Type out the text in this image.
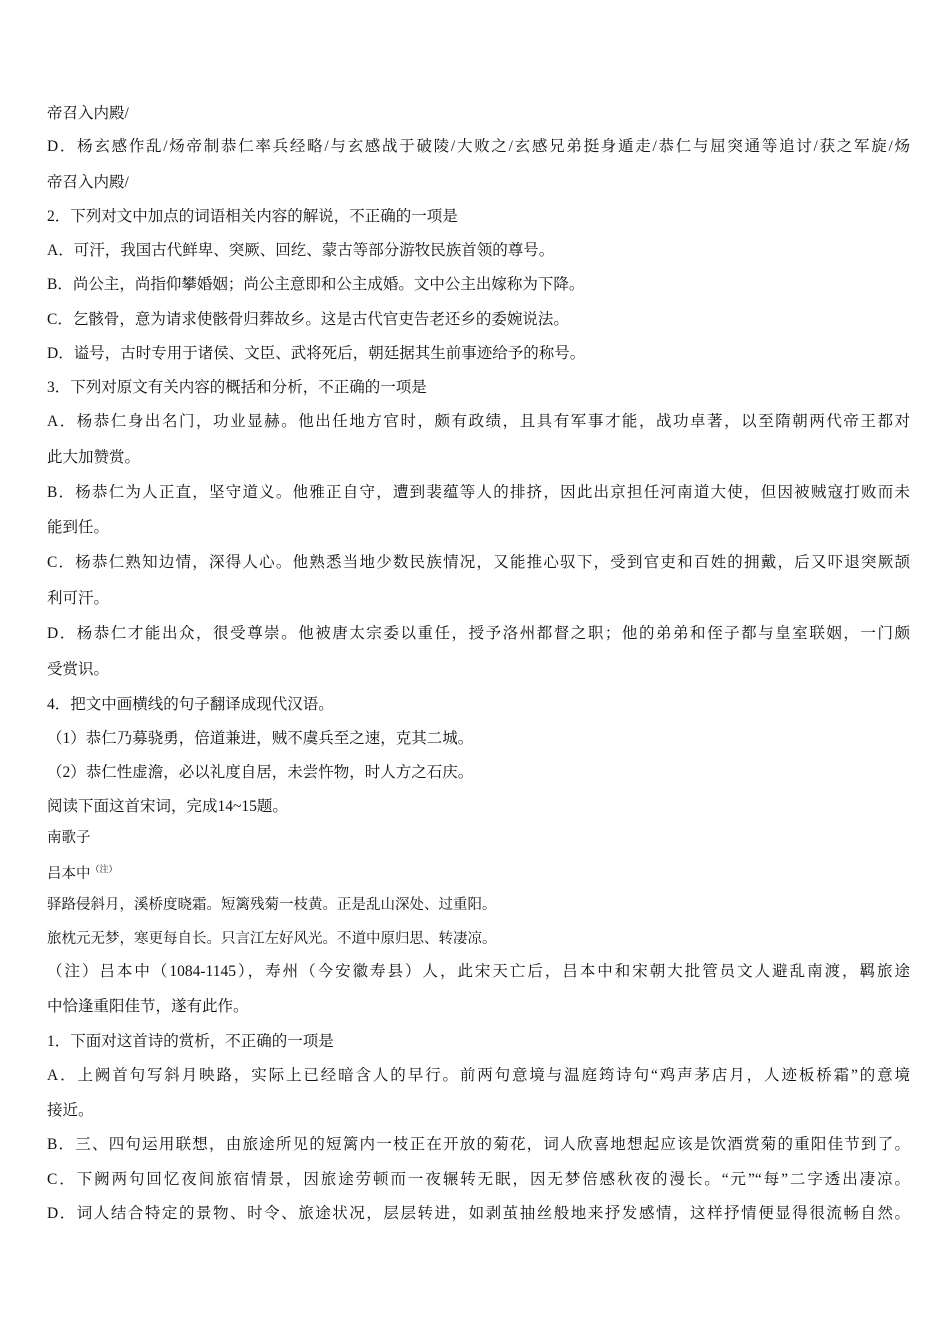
帝召入内殿/
D．杨玄感作乱/炀帝制恭仁率兵经略/与玄感战于破陵/大败之/玄感兄弟挺身遁走/恭仁与屈突通等追讨/获之军旋/炀
帝召入内殿/
2．下列对文中加点的词语相关内容的解说，不正确的一项是
A．可汗，我国古代鲜卑、突厥、回纥、蒙古等部分游牧民族首领的尊号。
B．尚公主，尚指仰攀婚姻；尚公主意即和公主成婚。文中公主出嫁称为下降。
C．乞骸骨，意为请求使骸骨归葬故乡。这是古代官吏告老还乡的委婉说法。
D．谥号，古时专用于诸侯、文臣、武将死后，朝廷据其生前事迹给予的称号。
3．下列对原文有关内容的概括和分析，不正确的一项是
A．杨恭仁身出名门，功业显赫。他出任地方官时，颇有政绩，且具有军事才能，战功卓著，以至隋朝两代帝王都对
此大加赞赏。
B．杨恭仁为人正直，坚守道义。他雅正自守，遭到裴蕴等人的排挤，因此出京担任河南道大使，但因被贼寇打败而未
能到任。
C．杨恭仁熟知边情，深得人心。他熟悉当地少数民族情况，又能推心驭下，受到官吏和百姓的拥戴，后又吓退突厥颉
利可汗。
D．杨恭仁才能出众，很受尊崇。他被唐太宗委以重任，授予洛州都督之职；他的弟弟和侄子都与皇室联姻，一门颇
受赏识。
4．把文中画横线的句子翻译成现代汉语。
（1）恭仁乃募骁勇，倍道兼进，贼不虞兵至之速，克其二城。
（2）恭仁性虚澹，必以礼度自居，未尝忤物，时人方之石庆。
阅读下面这首宋词，完成14~15题。
南歌子
吕本中$^{(注)}$
驿路侵斜月，溪桥度晓霜。短篱残菊一枝黄。正是乱山深处、过重阳。
旅枕元无梦，寒更每自长。只言江左好风光。不道中原归思、转凄凉。
（注）吕本中（1084-1145），寿州（今安徽寿县）人，此宋天亡后，吕本中和宋朝大批管员文人避乱南渡，羁旅途
中恰逢重阳佳节，遂有此作。
1．下面对这首诗的赏析，不正确的一项是
A．上阙首句写斜月映路，实际上已经暗含人的早行。前两句意境与温庭筠诗句“鸡声茅店月，人迹板桥霜”的意境
接近。
B．三、四句运用联想，由旅途所见的短篱内一枝正在开放的菊花，词人欣喜地想起应该是饮酒赏菊的重阳佳节到了。
C．下阙两句回忆夜间旅宿情景，因旅途劳顿而一夜辗转无眠，因无梦倍感秋夜的漫长。“元”“每”二字透出凄凉。
D．词人结合特定的景物、时令、旅途状况，层层转进，如剥茧抽丝般地来抒发感情，这样抒情便显得很流畅自然。
